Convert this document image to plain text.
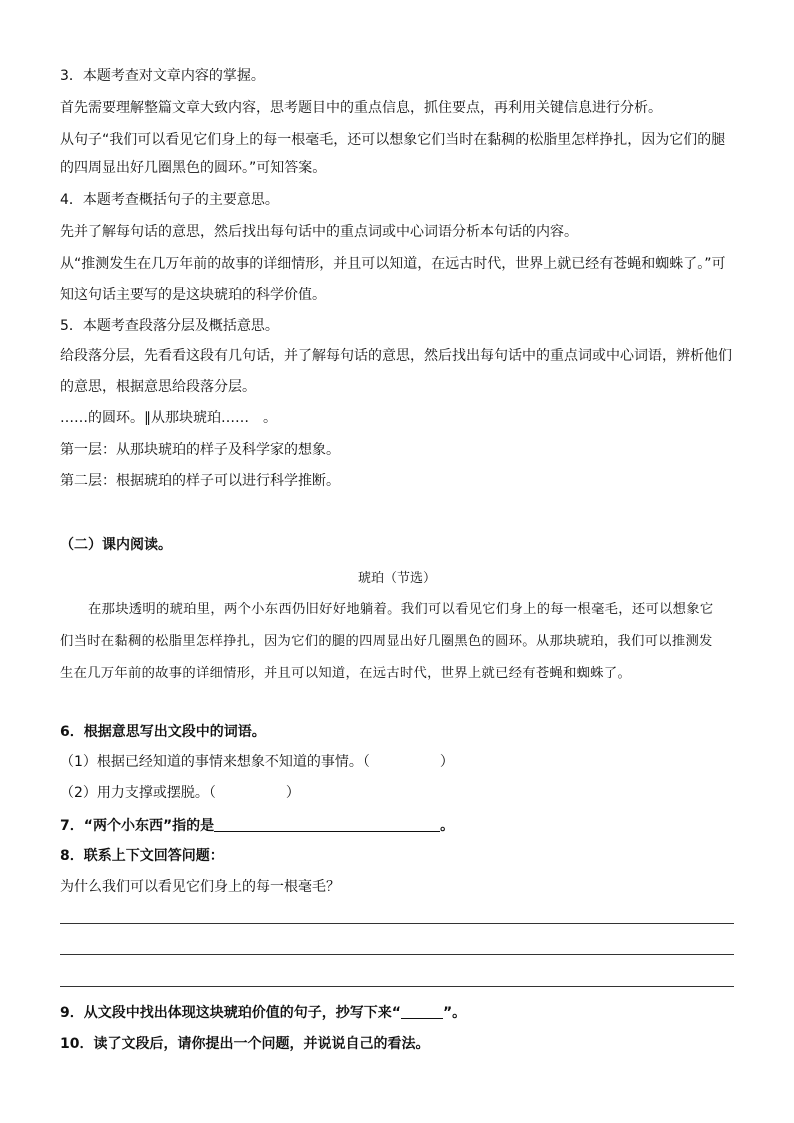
3．本题考查对文章内容的掌握。
首先需要理解整篇文章大致内容，思考题目中的重点信息，抓住要点，再利用关键信息进行分析。
从句子“我们可以看见它们身上的每一根毫毛，还可以想象它们当时在黏稠的松脂里怎样挣扎，因为它们的腿
的四周显出好几圈黑色的圆环。”可知答案。
4．本题考查概括句子的主要意思。
先并了解每句话的意思，然后找出每句话中的重点词或中心词语分析本句话的内容。
从“推测发生在几万年前的故事的详细情形，并且可以知道，在远古时代，世界上就已经有苍蝇和蜘蛛了。”可
知这句话主要写的是这块琥珀的科学价值。
5．本题考查段落分层及概括意思。
给段落分层，先看看这段有几句话，并了解每句话的意思，然后找出每句话中的重点词或中心词语，辨析他们
的意思，根据意思给段落分层。
……的圆环。∥从那块琥珀……　。
第一层：从那块琥珀的样子及科学家的想象。
第二层：根据琥珀的样子可以进行科学推断。
（二）课内阅读。
琥珀（节选）
在那块透明的琥珀里，两个小东西仍旧好好地躺着。我们可以看见它们身上的每一根毫毛，还可以想象它
们当时在黏稠的松脂里怎样挣扎，因为它们的腿的四周显出好几圈黑色的圆环。从那块琥珀，我们可以推测发
生在几万年前的故事的详细情形，并且可以知道，在远古时代，世界上就已经有苍蝇和蜘蛛了。
6．根据意思写出文段中的词语。
（1）根据已经知道的事情来想象不知道的事情。（　　　　　）
（2）用力支撑或摆脱。（　　　　　）
7．“两个小东西”指的是	。
8．联系上下文回答问题：
为什么我们可以看见它们身上的每一根毫毛？
9．从文段中找出体现这块琥珀价值的句子，抄写下来“	”。
10．读了文段后，请你提出一个问题，并说说自己的看法。
